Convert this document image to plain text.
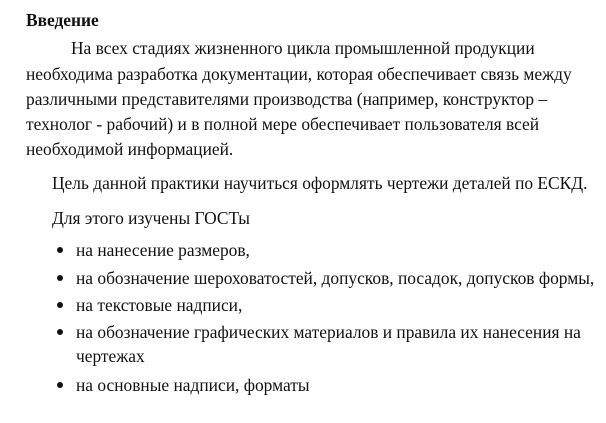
Введение
На всех стадиях жизненного цикла промышленной продукции
необходима разработка документации, которая обеспечивает связь между
различными представителями производства (например, конструктор –
технолог - рабочий) и в полной мере обеспечивает пользователя всей
необходимой информацией.
Цель данной практики научиться оформлять чертежи деталей по ЕСКД.
Для этого изучены ГОСТы
на нанесение размеров,
на обозначение шероховатостей, допусков, посадок, допусков формы,
на текстовые надписи,
на обозначение графических материалов и правила их нанесения на
чертежах
на основные надписи, форматы
